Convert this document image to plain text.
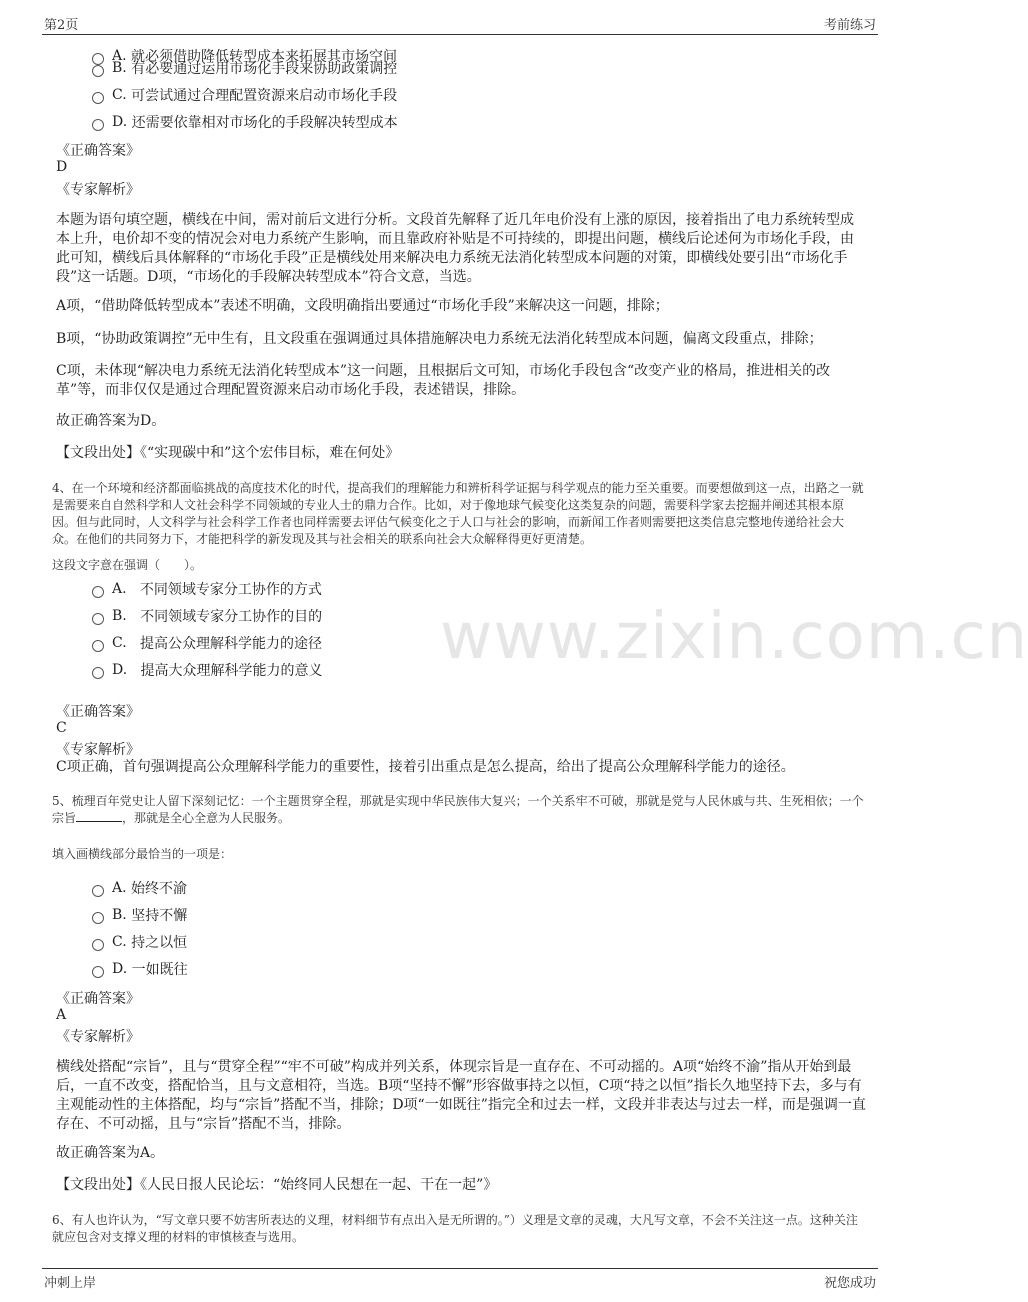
第2页	考前练习
www.zixin.com.cn
A.
就必须借助降低转型成本来拓展其市场空间
B.
有必要通过运用市场化手段来协助政策调控
C.
可尝试通过合理配置资源来启动市场化手段
D.
还需要依靠相对市场化的手段解决转型成本
《正确答案》
D
《专家解析》
本题为语句填空题，横线在中间，需对前后文进行分析。文段首先解释了近几年电价没有上涨的原因，接着指出了电力系统转型成本上升，电价却不变的情况会对电力系统产生影响，而且靠政府补贴是不可持续的，即提出问题，横线后论述何为市场化手段，由此可知，横线后具体解释的“市场化手段”正是横线处用来解决电力系统无法消化转型成本问题的对策，即横线处要引出“市场化手段”这一话题。D项，“市场化的手段解决转型成本”符合文意，当选。
A项，“借助降低转型成本”表述不明确，文段明确指出要通过“市场化手段”来解决这一问题，排除；
B项，“协助政策调控”无中生有，且文段重在强调通过具体措施解决电力系统无法消化转型成本问题，偏离文段重点，排除；
C项，未体现“解决电力系统无法消化转型成本”这一问题，且根据后文可知，市场化手段包含“改变产业的格局，推进相关的改革”等，而非仅仅是通过合理配置资源来启动市场化手段，表述错误，排除。
故正确答案为D。
【文段出处】《“实现碳中和”这个宏伟目标，难在何处》
4、在一个环境和经济都面临挑战的高度技术化的时代，提高我们的理解能力和辨析科学证据与科学观点的能力至关重要。而要想做到这一点，出路之一就是需要来自自然科学和人文社会科学不同领域的专业人士的鼎力合作。比如，对于像地球气候变化这类复杂的问题，需要科学家去挖掘并阐述其根本原因。但与此同时，人文科学与社会科学工作者也同样需要去评估气候变化之于人口与社会的影响，而新闻工作者则需要把这类信息完整地传递给社会大众。在他们的共同努力下，才能把科学的新发现及其与社会相关的联系向社会大众解释得更好更清楚。
这段文字意在强调（　　）。
A.
不同领域专家分工协作的方式
B.
不同领域专家分工协作的目的
C.
提高公众理解科学能力的途径
D.
提高大众理解科学能力的意义
《正确答案》
C
《专家解析》
C项正确，首句强调提高公众理解科学能力的重要性，接着引出重点是怎么提高，给出了提高公众理解科学能力的途径。
5、梳理百年党史让人留下深刻记忆：一个主题贯穿全程，那就是实现中华民族伟大复兴；一个关系牢不可破，那就是党与人民休戚与共、生死相依；一个宗旨	，那就是全心全意为人民服务。
填入画横线部分最恰当的一项是：
A.
始终不渝
B.
坚持不懈
C.
持之以恒
D.
一如既往
《正确答案》
A
《专家解析》
横线处搭配“宗旨”，且与“贯穿全程”“牢不可破”构成并列关系，体现宗旨是一直存在、不可动摇的。A项“始终不渝”指从开始到最后，一直不改变，搭配恰当，且与文意相符，当选。B项“坚持不懈”形容做事持之以恒，C项“持之以恒”指长久地坚持下去，多与有主观能动性的主体搭配，均与“宗旨”搭配不当，排除；D项“一如既往”指完全和过去一样，文段并非表达与过去一样，而是强调一直存在、不可动摇，且与“宗旨”搭配不当，排除。
故正确答案为A。
【文段出处】《人民日报人民论坛：“始终同人民想在一起、干在一起”》
6、有人也许认为，“写文章只要不妨害所表达的义理，材料细节有点出入是无所谓的。”）义理是文章的灵魂，大凡写文章，不会不关注这一点。这种关注就应包含对支撑义理的材料的审慎核查与选用。
冲刺上岸	祝您成功
